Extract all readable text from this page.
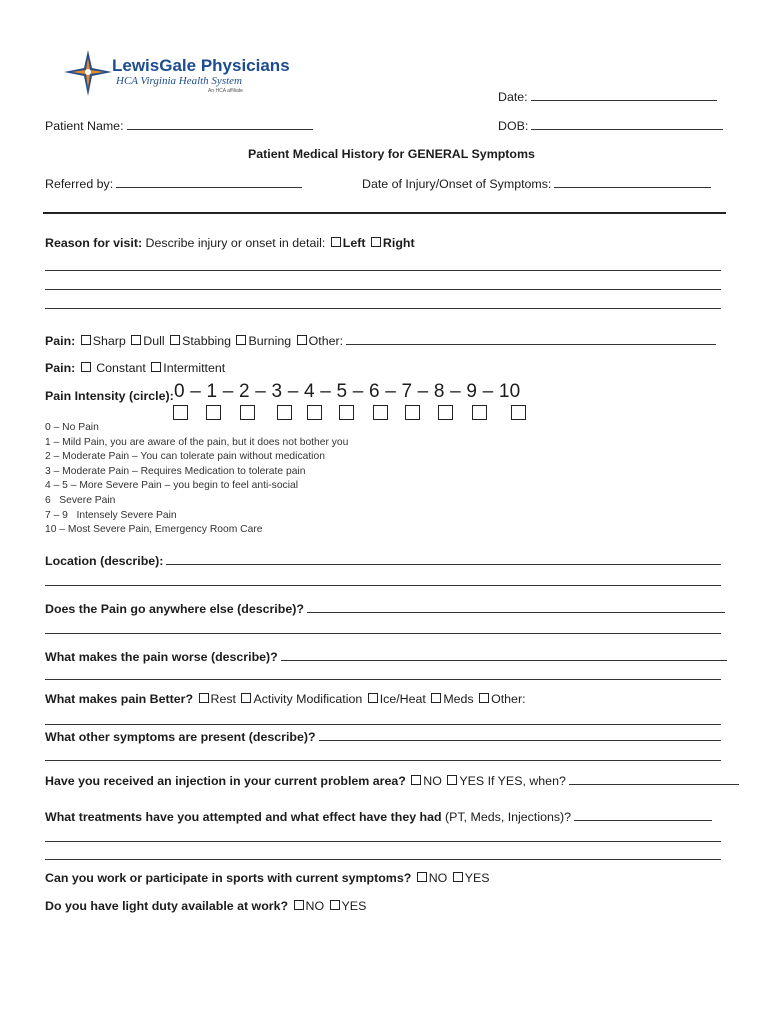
LewisGale Physicians
HCA Virginia Health System
An HCA affiliate	Date:
Patient Name:	DOB:
Patient Medical History for GENERAL Symptoms
Referred by:	Date of Injury/Onset of Symptoms:
Reason for visit: Describe injury or onset in detail: Left Right
Pain: Sharp Dull Stabbing Burning Other:
Pain: Constant Intermittent
Pain Intensity (circle): 0 – 1 – 2 – 3 – 4 – 5 – 6 – 7 – 8 – 9 – 10
0 – No Pain
1 – Mild Pain, you are aware of the pain, but it does not bother you
2 – Moderate Pain – You can tolerate pain without medication
3 – Moderate Pain – Requires Medication to tolerate pain
4 – 5 – More Severe Pain – you begin to feel anti-social
6   Severe Pain
7 – 9   Intensely Severe Pain
10 – Most Severe Pain, Emergency Room Care
Location (describe):
Does the Pain go anywhere else (describe)?
What makes the pain worse (describe)?
What makes pain Better? Rest Activity Modification Ice/Heat Meds Other:
What other symptoms are present (describe)?
Have you received an injection in your current problem area? NO YES If YES, when?
What treatments have you attempted and what effect have they had (PT, Meds, Injections)?
Can you work or participate in sports with current symptoms? NO YES
Do you have light duty available at work? NO YES
